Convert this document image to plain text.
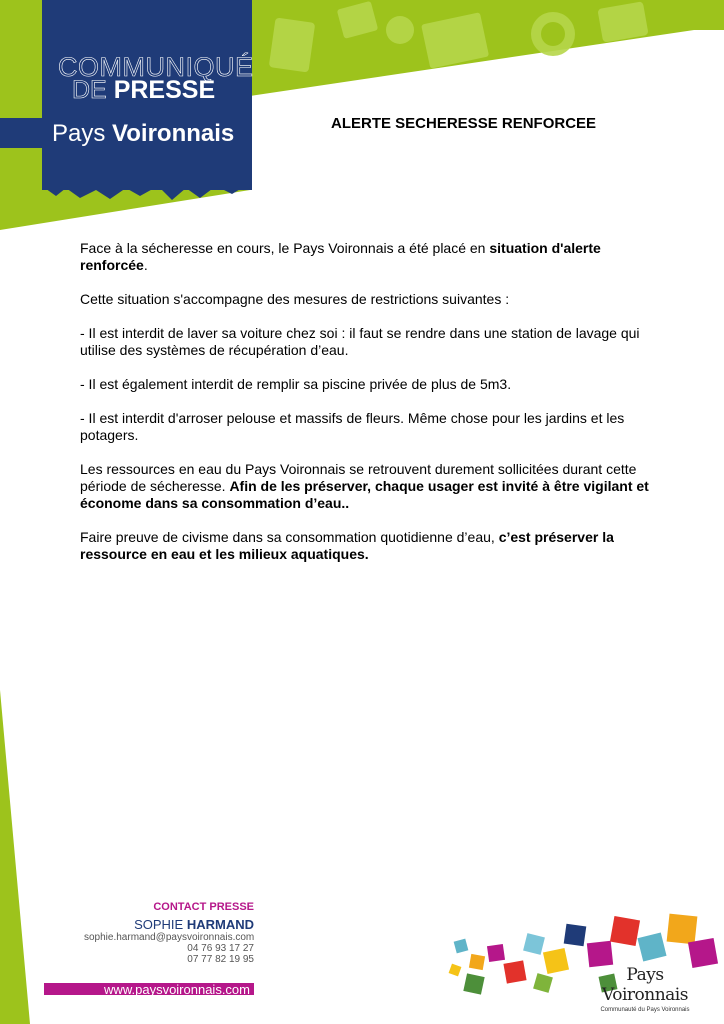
COMMUNIQUÉ
DE PRESSE
Pays Voironnais	ALERTE SECHERESSE RENFORCEE

Face à la sécheresse en cours, le Pays Voironnais a été placé en situation d'alerte renforcée.

Cette situation s'accompagne des mesures de restrictions suivantes :

- Il est interdit de laver sa voiture chez soi : il faut se rendre dans une station de lavage qui utilise des systèmes de récupération d’eau.

- Il est également interdit de remplir sa piscine privée de plus de 5m3.

- Il est interdit d'arroser pelouse et massifs de fleurs. Même chose pour les jardins et les potagers.

Les ressources en eau du Pays Voironnais se retrouvent durement sollicitées durant cette période de sécheresse. Afin de les préserver, chaque usager est invité à être vigilant et économe dans sa consommation d’eau..

Faire preuve de civisme dans sa consommation quotidienne d’eau, c’est préserver la ressource en eau et les milieux aquatiques.

CONTACT PRESSE
SOPHIE HARMAND
sophie.harmand@paysvoironnais.com
04 76 93 17 27
07 77 82 19 95
www.paysvoironnais.com
Pays Voironnais
Communauté du Pays Voironnais
